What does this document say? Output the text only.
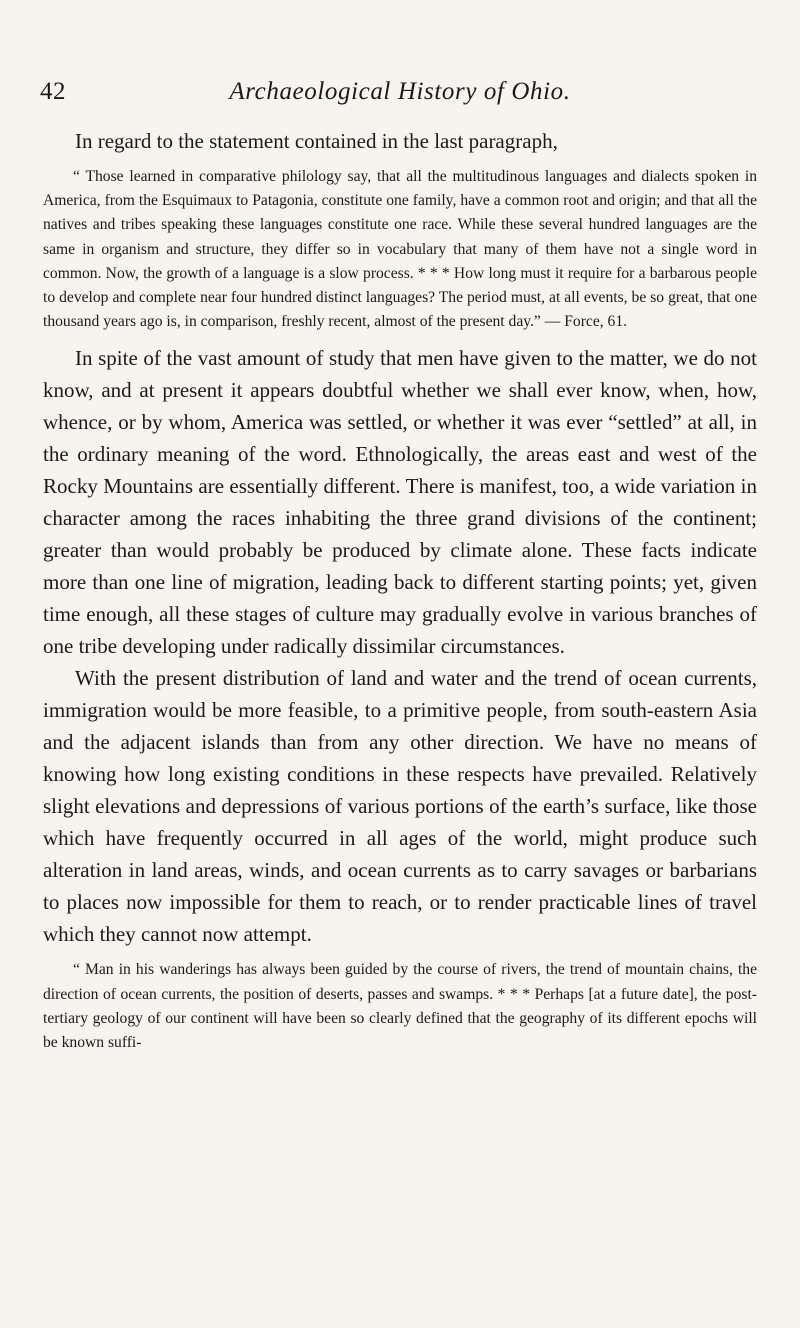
42	Archaeological History of Ohio.

In regard to the statement contained in the last paragraph,

“ Those learned in comparative philology say, that all the multitudinous languages and dialects spoken in America, from the Esquimaux to Patagonia, constitute one family, have a common root and origin; and that all the natives and tribes speaking these languages constitute one race. While these several hundred languages are the same in organism and structure, they differ so in vocabulary that many of them have not a single word in common. Now, the growth of a language is a slow process. * * * How long must it require for a barbarous people to develop and complete near four hundred distinct languages? The period must, at all events, be so great, that one thousand years ago is, in comparison, freshly recent, almost of the present day.” — Force, 61.

In spite of the vast amount of study that men have given to the matter, we do not know, and at present it appears doubtful whether we shall ever know, when, how, whence, or by whom, America was settled, or whether it was ever “settled” at all, in the ordinary meaning of the word. Ethnologically, the areas east and west of the Rocky Mountains are essentially different. There is manifest, too, a wide variation in character among the races inhabiting the three grand divisions of the continent; greater than would probably be produced by climate alone. These facts indicate more than one line of migration, leading back to different starting points; yet, given time enough, all these stages of culture may gradually evolve in various branches of one tribe developing under radically dissimilar circumstances.

With the present distribution of land and water and the trend of ocean currents, immigration would be more feasible, to a primitive people, from south-eastern Asia and the adjacent islands than from any other direction. We have no means of knowing how long existing conditions in these respects have prevailed. Relatively slight elevations and depressions of various portions of the earth’s surface, like those which have frequently occurred in all ages of the world, might produce such alteration in land areas, winds, and ocean currents as to carry savages or barbarians to places now impossible for them to reach, or to render practicable lines of travel which they cannot now attempt.

“ Man in his wanderings has always been guided by the course of rivers, the trend of mountain chains, the direction of ocean currents, the position of deserts, passes and swamps. * * * Perhaps [at a future date], the post-tertiary geology of our continent will have been so clearly defined that the geography of its different epochs will be known suffi-
